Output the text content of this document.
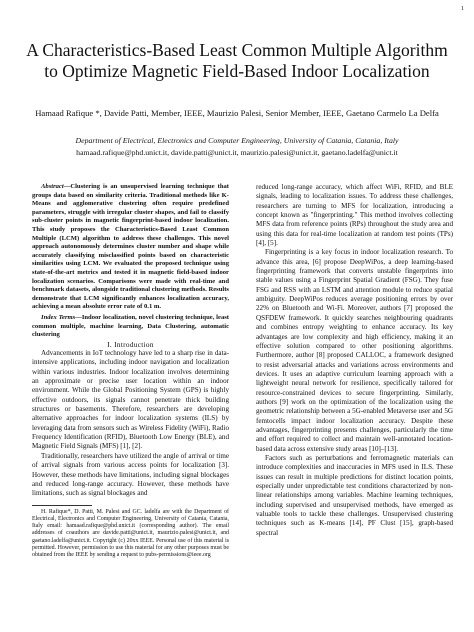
1
A Characteristics-Based Least Common Multiple Algorithm to Optimize Magnetic Field-Based Indoor Localization
Hamaad Rafique *, Davide Patti, Member, IEEE, Maurizio Palesi, Senior Member, IEEE, Gaetano Carmelo La Delfa
Department of Electrical, Electronics and Computer Engineering, University of Catania, Catania, Italy
hamaad.rafique@phd.unict.it, davide.patti@unict.it, maurizio.palesi@unict.it, gaetano.ladelfa@unict.it

Abstract—Clustering is an unsupervised learning technique that groups data based on similarity criteria. Traditional methods like K-Means and agglomerative clustering often require predefined parameters, struggle with irregular cluster shapes, and fail to classify sub-cluster points in magnetic fingerprint-based indoor localization. This study proposes the Characteristics-Based Least Common Multiple (LCM) algorithm to address these challenges. This novel approach autonomously determines cluster number and shape while accurately classifying misclassified points based on characteristic similarities using LCM. We evaluated the proposed technique using state-of-the-art metrics and tested it in magnetic field-based indoor localization scenarios. Comparisons were made with real-time and benchmark datasets, alongside traditional clustering methods. Results demonstrate that LCM significantly enhances localization accuracy, achieving a mean absolute error rate of 0.1 m.

Index Terms—Indoor localization, novel clustering technique, least common multiple, machine learning, Data Clustering, automatic clustering

I. Introduction

Advancements in IoT technology have led to a sharp rise in data-intensive applications, including indoor navigation and localization within various industries. Indoor localization involves determining an approximate or precise user location within an indoor environment. While the Global Positioning System (GPS) is highly effective outdoors, its signals cannot penetrate thick building structures or basements. Therefore, researchers are developing alternative approaches for indoor localization systems (ILS) by leveraging data from sensors such as Wireless Fidelity (WiFi), Radio Frequency Identification (RFID), Bluetooth Low Energy (BLE), and Magnetic Field Signals (MFS) [1], [2].

Traditionally, researchers have utilized the angle of arrival or time of arrival signals from various access points for localization [3]. However, these methods have limitations, including signal blockages and reduced long-range accuracy. However, these methods have limitations, such as signal blockages and

H. Rafique*, D. Patti, M. Palesi and GC. ladelfa are with the Department of Electrical, Electronics and Computer Engineering, University of Catania, Catania, Italy email: hamaad.rafique@phd.unict.it (corresponding author). The email addresses of coauthors are davide.patti@unict.it, maurizio.palesi@unict.it, and gaetano.ladelfa@unict.it. Copyright (c) 20xx IEEE. Personal use of this material is permitted. However, permission to use this material for any other purposes must be obtained from the IEEE by sending a request to pubs-permissions@ieee.org

reduced long-range accuracy, which affect WiFi, RFID, and BLE signals, leading to localization issues. To address these challenges, researchers are turning to MFS for localization, introducing a concept known as "fingerprinting." This method involves collecting MFS data from reference points (RPs) throughout the study area and using this data for real-time localization at random test points (TPs) [4], [5].

Fingerprinting is a key focus in indoor localization research. To advance this area, [6] propose DeepWiPos, a deep learning-based fingerprinting framework that converts unstable fingerprints into stable values using a Fingerprint Spatial Gradient (FSG). They fuse FSG and RSS with an LSTM and attention module to reduce spatial ambiguity. DeepWiPos reduces average positioning errors by over 22% on Bluetooth and Wi-Fi. Moreover, authors [7] proposed the QSFDEW framework. It quickly searches neighbouring quadrants and combines entropy weighting to enhance accuracy. Its key advantages are low complexity and high efficiency, making it an effective solution compared to other positioning algorithms. Furthermore, author [8] proposed CALLOC, a framework designed to resist adversarial attacks and variations across environments and devices. It uses an adaptive curriculum learning approach with a lightweight neural network for resilience, specifically tailored for resource-constrained devices to secure fingerprinting. Similarly, authors [9] work on the optimization of the localization using the geometric relationship between a 5G-enabled Metaverse user and 5G femtocells impact indoor localization accuracy. Despite these advantages, fingerprinting presents challenges, particularly the time and effort required to collect and maintain well-annotated location-based data across extensive study areas [10]–[13].

Factors such as perturbations and ferromagnetic materials can introduce complexities and inaccuracies in MFS used in ILS. These issues can result in multiple predictions for distinct location points, especially under unpredictable test conditions characterized by non-linear relationships among variables. Machine learning techniques, including supervised and unsupervised methods, have emerged as valuable tools to tackle these challenges. Unsupervised clustering techniques such as K-means [14], PF Clust [15], graph-based spectral
